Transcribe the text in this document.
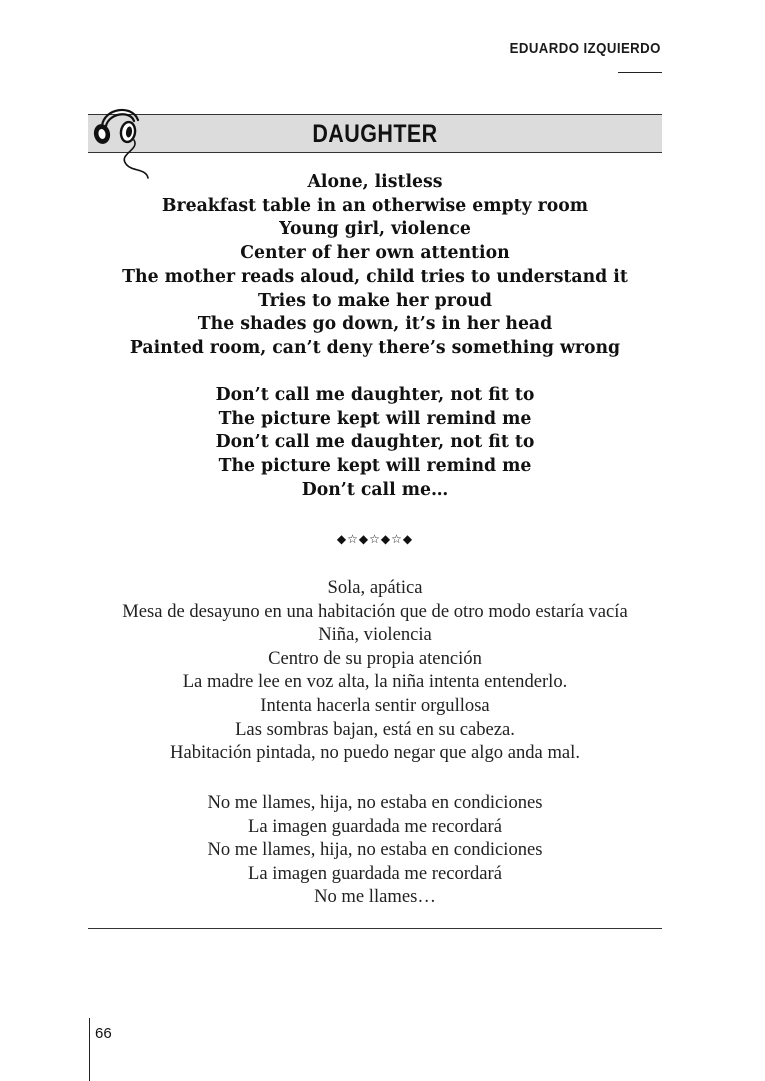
EDUARDO IZQUIERDO
DAUGHTER
Alone, listless
Breakfast table in an otherwise empty room
Young girl, violence
Center of her own attention
The mother reads aloud, child tries to understand it
Tries to make her proud
The shades go down, it’s in her head
Painted room, can’t deny there’s something wrong
Don’t call me daughter, not fit to
The picture kept will remind me
Don’t call me daughter, not fit to
The picture kept will remind me
Don’t call me…
◆☆◆☆◆☆◆
Sola, apática
Mesa de desayuno en una habitación que de otro modo estaría vacía
Niña, violencia
Centro de su propia atención
La madre lee en voz alta, la niña intenta entenderlo.
Intenta hacerla sentir orgullosa
Las sombras bajan, está en su cabeza.
Habitación pintada, no puedo negar que algo anda mal.
No me llames, hija, no estaba en condiciones
La imagen guardada me recordará
No me llames, hija, no estaba en condiciones
La imagen guardada me recordará
No me llames…
66
